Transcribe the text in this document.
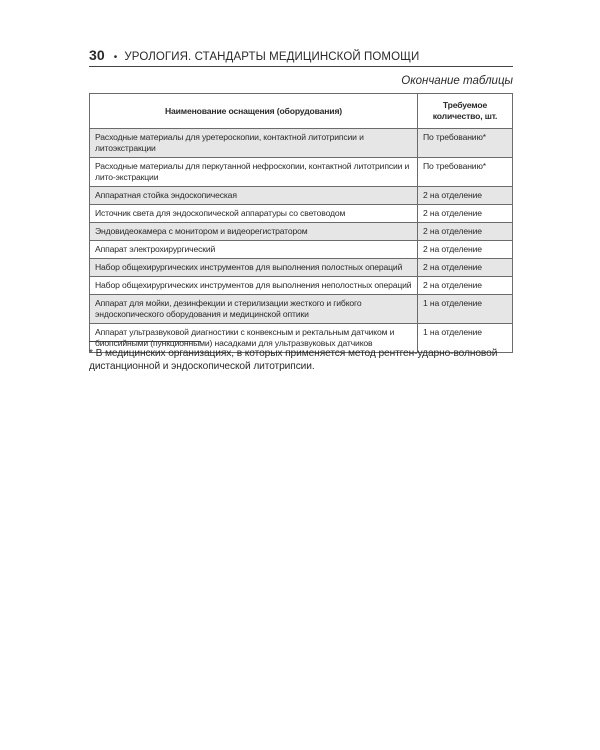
30 • УРОЛОГИЯ. СТАНДАРТЫ МЕДИЦИНСКОЙ ПОМОЩИ
Окончание таблицы
Наименование оснащения (оборудования)	Требуемое количество, шт.
Расходные материалы для уретероскопии, контактной литотрипсии и литоэкстракции	По требованию*
Расходные материалы для перкутанной нефроскопии, контактной литотрипсии и лито-экстракции	По требованию*
Аппаратная стойка эндоскопическая	2 на отделение
Источник света для эндоскопической аппаратуры со световодом	2 на отделение
Эндовидеокамера с монитором и видеорегистратором	2 на отделение
Аппарат электрохирургический	2 на отделение
Набор общехирургических инструментов для выполнения полостных операций	2 на отделение
Набор общехирургических инструментов для выполнения неполостных операций	2 на отделение
Аппарат для мойки, дезинфекции и стерилизации жесткого и гибкого эндоскопического оборудования и медицинской оптики	1 на отделение
Аппарат ультразвуковой диагностики с конвексным и ректальным датчиком и биопсийными (пункционными) насадками для ультразвуковых датчиков	1 на отделение
* В медицинских организациях, в которых применяется метод рентген-ударно-волновой дистанционной и эндоскопической литотрипсии.
